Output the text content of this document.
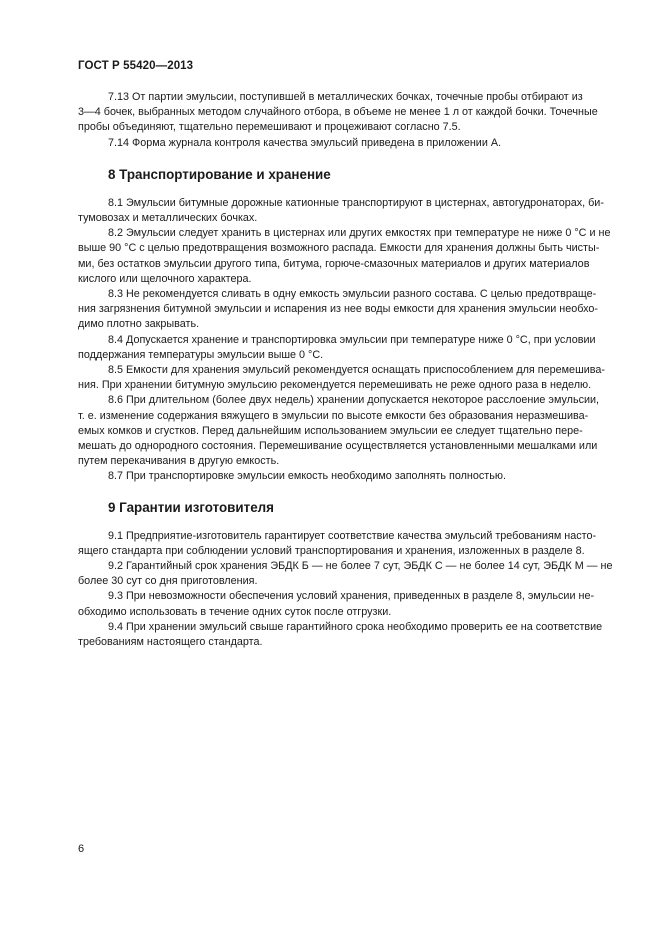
ГОСТ Р 55420—2013

7.13 От партии эмульсии, поступившей в металлических бочках, точечные пробы отбирают из
3—4 бочек, выбранных методом случайного отбора, в объеме не менее 1 л от каждой бочки. Точечные
пробы объединяют, тщательно перемешивают и процеживают согласно 7.5.

7.14 Форма журнала контроля качества эмульсий приведена в приложении А.

8 Транспортирование и хранение

8.1 Эмульсии битумные дорожные катионные транспортируют в цистернах, автогудронаторах, би-
тумовозах и металлических бочках.

8.2 Эмульсии следует хранить в цистернах или других емкостях при температуре не ниже 0 °С и не
выше 90 °С с целью предотвращения возможного распада. Емкости для хранения должны быть чисты-
ми, без остатков эмульсии другого типа, битума, горюче-смазочных материалов и других материалов
кислого или щелочного характера.

8.3 Не рекомендуется сливать в одну емкость эмульсии разного состава. С целью предотвраще-
ния загрязнения битумной эмульсии и испарения из нее воды емкости для хранения эмульсии необхо-
димо плотно закрывать.

8.4 Допускается хранение и транспортировка эмульсии при температуре ниже 0 °С, при условии
поддержания температуры эмульсии выше 0 °С.

8.5 Емкости для хранения эмульсий рекомендуется оснащать приспособлением для перемешива-
ния. При хранении битумную эмульсию рекомендуется перемешивать не реже одного раза в неделю.

8.6 При длительном (более двух недель) хранении допускается некоторое расслоение эмульсии,
т. е. изменение содержания вяжущего в эмульсии по высоте емкости без образования неразмешива-
емых комков и сгустков. Перед дальнейшим использованием эмульсии ее следует тщательно пере-
мешать до однородного состояния. Перемешивание осуществляется установленными мешалками или
путем перекачивания в другую емкость.

8.7 При транспортировке эмульсии емкость необходимо заполнять полностью.

9 Гарантии изготовителя

9.1 Предприятие-изготовитель гарантирует соответствие качества эмульсий требованиям насто-
ящего стандарта при соблюдении условий транспортирования и хранения, изложенных в разделе 8.

9.2 Гарантийный срок хранения ЭБДК Б — не более 7 сут, ЭБДК С — не более 14 сут, ЭБДК М — не
более 30 сут со дня приготовления.

9.3 При невозможности обеспечения условий хранения, приведенных в разделе 8, эмульсии не-
обходимо использовать в течение одних суток после отгрузки.

9.4 При хранении эмульсий свыше гарантийного срока необходимо проверить ее на соответствие
требованиям настоящего стандарта.

6
